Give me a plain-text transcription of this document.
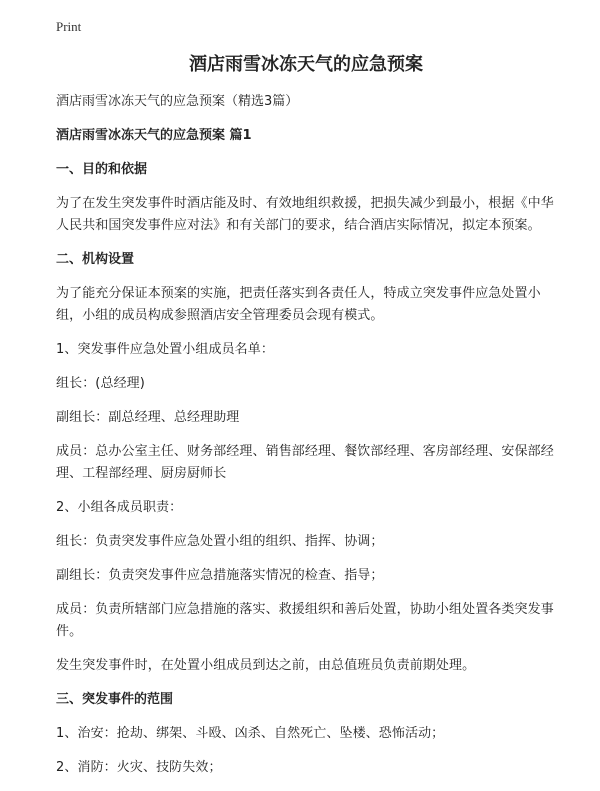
Print
酒店雨雪冰冻天气的应急预案
酒店雨雪冰冻天气的应急预案（精选3篇）
酒店雨雪冰冻天气的应急预案 篇1
一、目的和依据
为了在发生突发事件时酒店能及时、有效地组织救援，把损失减少到最小，根据《中华人民共和国突发事件应对法》和有关部门的要求，结合酒店实际情况，拟定本预案。
二、机构设置
为了能充分保证本预案的实施，把责任落实到各责任人，特成立突发事件应急处置小组，小组的成员构成参照酒店安全管理委员会现有模式。
1、突发事件应急处置小组成员名单：
组长：(总经理)
副组长：副总经理、总经理助理
成员：总办公室主任、财务部经理、销售部经理、餐饮部经理、客房部经理、安保部经理、工程部经理、厨房厨师长
2、小组各成员职责：
组长：负责突发事件应急处置小组的组织、指挥、协调；
副组长：负责突发事件应急措施落实情况的检查、指导；
成员：负责所辖部门应急措施的落实、救援组织和善后处置，协助小组处置各类突发事件。
发生突发事件时，在处置小组成员到达之前，由总值班员负责前期处理。
三、突发事件的范围
1、治安：抢劫、绑架、斗殴、凶杀、自然死亡、坠楼、恐怖活动；
2、消防：火灾、技防失效；
